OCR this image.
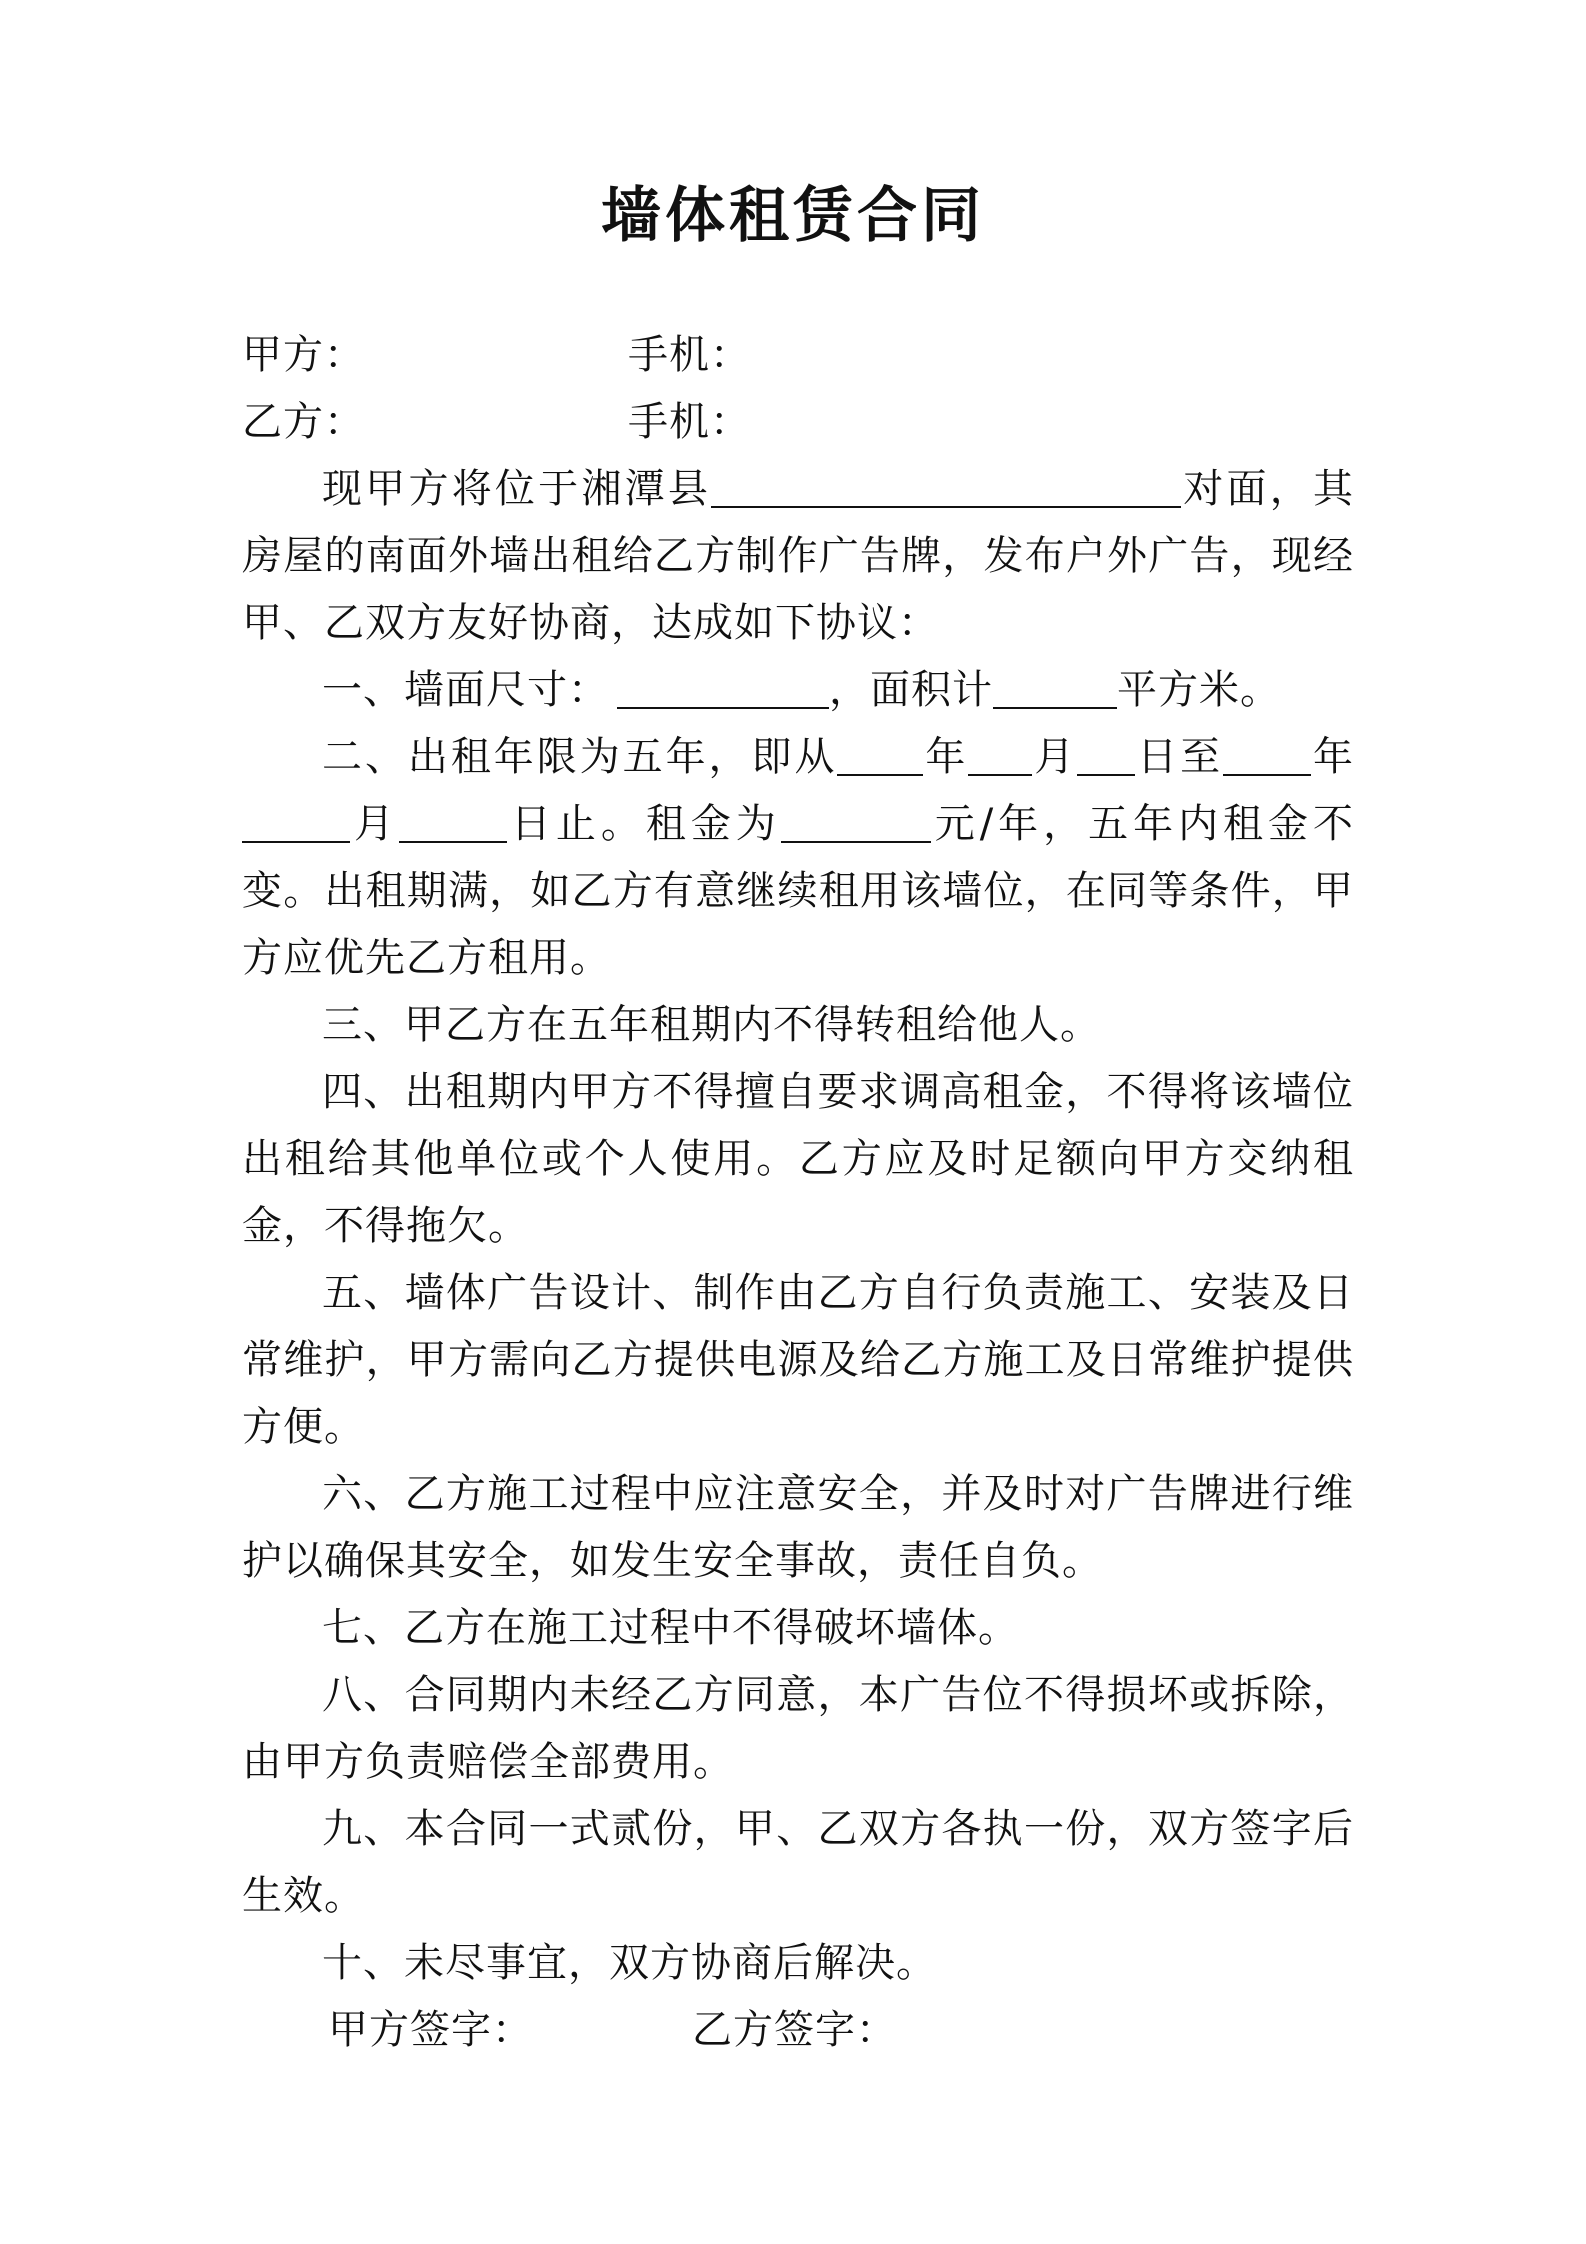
墙体租赁合同
甲方：	手机：
乙方：	手机：

现甲方将位于湘潭县	对面，其房屋的南面外墙出租给乙方制作广告牌，发布户外广告，现经甲、乙双方友好协商，达成如下协议：

一、墙面尺寸：	，面积计	平方米。

二、出租年限为五年，即从 年 月 日至 年月	日止。租金为	元/年，五年内租金不变。出租期满，如乙方有意继续租用该墙位，在同等条件，甲方应优先乙方租用。

三、甲乙方在五年租期内不得转租给他人。

四、出租期内甲方不得擅自要求调高租金，不得将该墙位出租给其他单位或个人使用。乙方应及时足额向甲方交纳租金，不得拖欠。

五、墙体广告设计、制作由乙方自行负责施工、安装及日常维护，甲方需向乙方提供电源及给乙方施工及日常维护提供方便。

六、乙方施工过程中应注意安全，并及时对广告牌进行维护以确保其安全，如发生安全事故，责任自负。

七、乙方在施工过程中不得破坏墙体。

八、合同期内未经乙方同意，本广告位不得损坏或拆除，由甲方负责赔偿全部费用。

九、本合同一式贰份，甲、乙双方各执一份，双方签字后生效。

十、未尽事宜，双方协商后解决。

甲方签字：	乙方签字：
